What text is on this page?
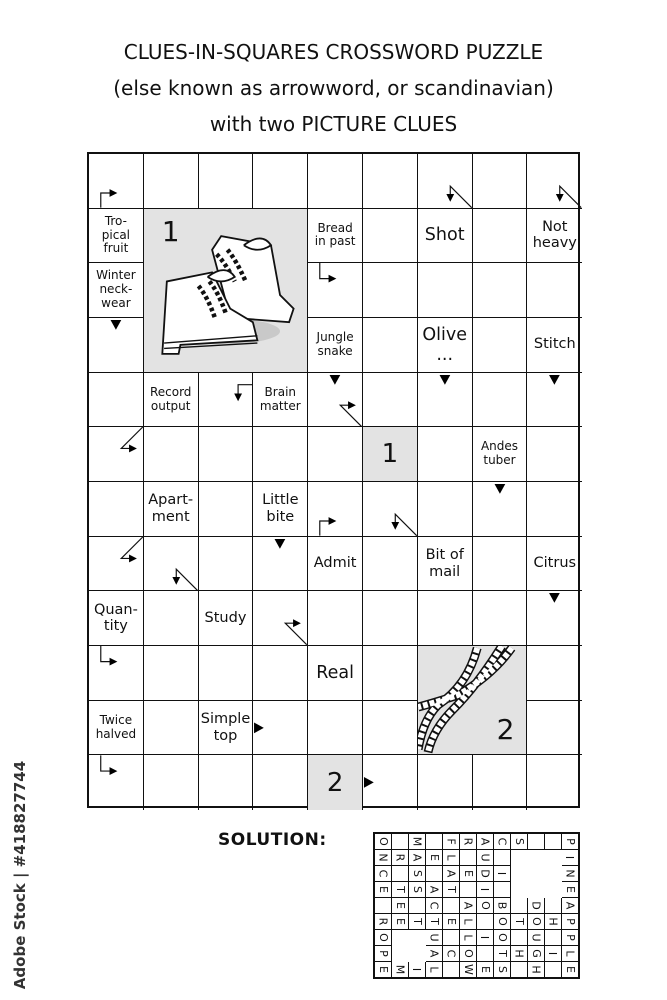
CLUES-IN-SQUARES CROSSWORD PUZZLE
(else known as arrowword, or scandinavian)
with two PICTURE CLUES
Tro-
pical
fruit
1	Bread
in past	Shot	Not
heavy
Winter
neck-
wear
Jungle
snake
Olive
...
Stitch
Record
output
Brain
matter
1	Andes
tuber
Apart-
ment
Little
bite
Admit
Bit of
mail
Citrus
Quan-
tity
Study
Real
2
Twice
halved
Simple
top
2
SOLUTION:	O		M		F	R	A	C	S			P
N	R	A	E	L		U					I
C		S		A	E	D	I				N
E	T	S	A	T		I					E
	E		C		A	O	B		D		A
R	E	T	T	E	L		O	T	O	H	P
O			U		L	I	O		U		P
P			A	C	O		T	H	G	I	L
E	M	I	L		W	E	S		H		E
Adobe Stock | #418827744
